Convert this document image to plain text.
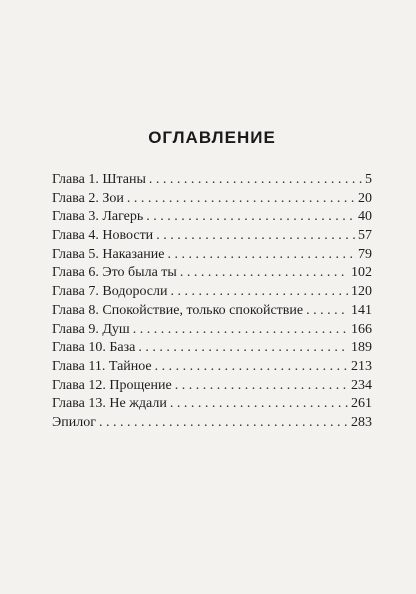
ОГЛАВЛЕНИЕ
Глава 1. Штаны . . .	5
Глава 2. Зои . . .	20
Глава 3. Лагерь . . .	40
Глава 4. Новости . . .	57
Глава 5. Наказание . . .	79
Глава 6. Это была ты . . .	102
Глава 7. Водоросли . . .	120
Глава 8. Спокойствие, только спокойствие . . .	141
Глава 9. Душ . . .	166
Глава 10. База . . .	189
Глава 11. Тайное . . .	213
Глава 12. Прощение . . .	234
Глава 13. Не ждали . . .	261
Эпилог . . .	283
